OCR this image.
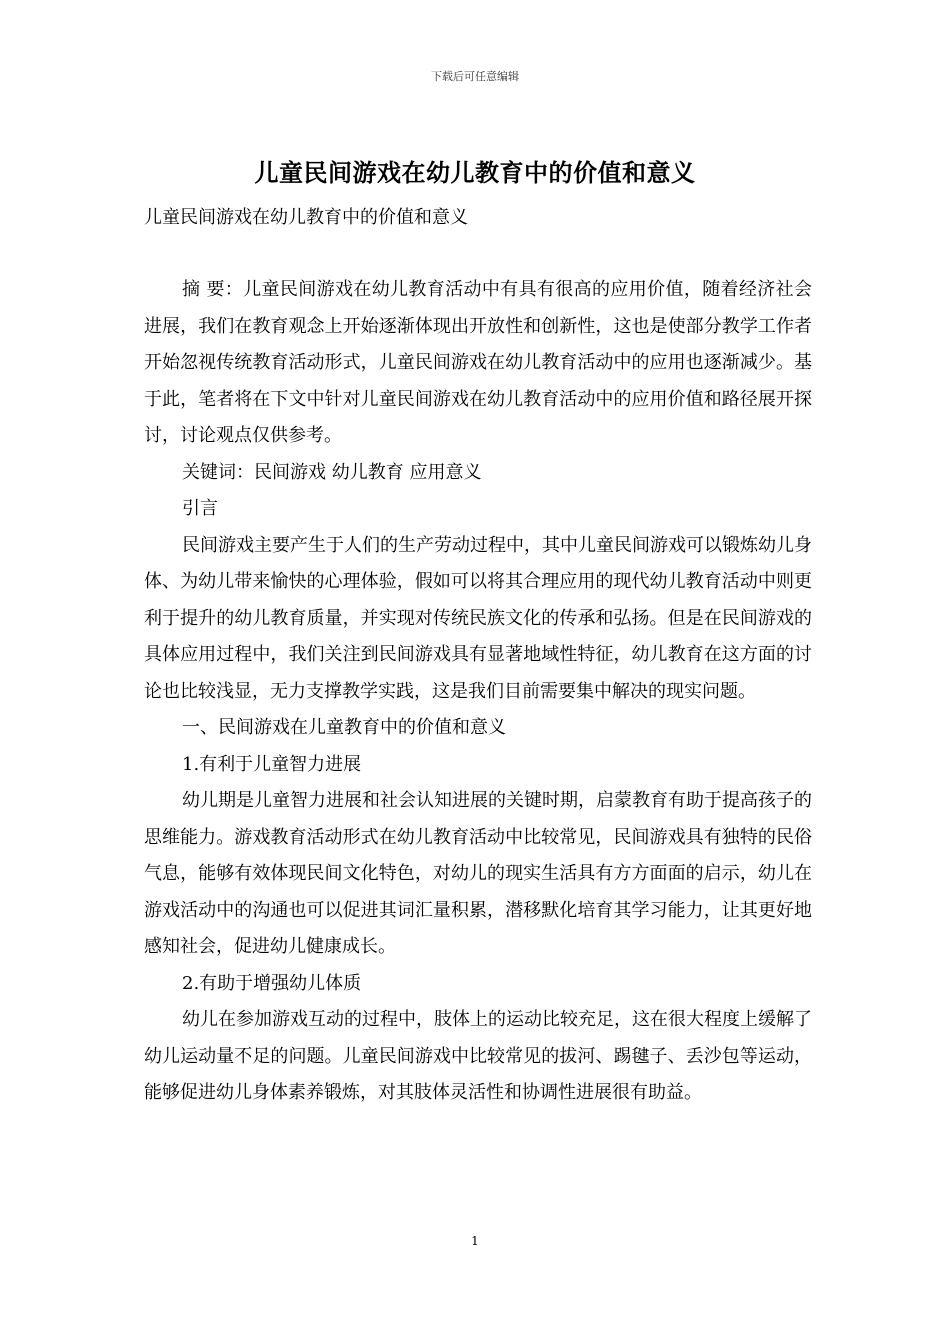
下载后可任意编辑
儿童民间游戏在幼儿教育中的价值和意义
儿童民间游戏在幼儿教育中的价值和意义

摘 要：儿童民间游戏在幼儿教育活动中有具有很高的应用价值，随着经济社会进展，我们在教育观念上开始逐渐体现出开放性和创新性，这也是使部分教学工作者开始忽视传统教育活动形式，儿童民间游戏在幼儿教育活动中的应用也逐渐减少。基于此，笔者将在下文中针对儿童民间游戏在幼儿教育活动中的应用价值和路径展开探讨，讨论观点仅供参考。

关键词：民间游戏 幼儿教育 应用意义

引言

民间游戏主要产生于人们的生产劳动过程中，其中儿童民间游戏可以锻炼幼儿身体、为幼儿带来愉快的心理体验，假如可以将其合理应用的现代幼儿教育活动中则更利于提升的幼儿教育质量，并实现对传统民族文化的传承和弘扬。但是在民间游戏的具体应用过程中，我们关注到民间游戏具有显著地域性特征，幼儿教育在这方面的讨论也比较浅显，无力支撑教学实践，这是我们目前需要集中解决的现实问题。

一、民间游戏在儿童教育中的价值和意义

1.有利于儿童智力进展

幼儿期是儿童智力进展和社会认知进展的关键时期，启蒙教育有助于提高孩子的思维能力。游戏教育活动形式在幼儿教育活动中比较常见，民间游戏具有独特的民俗气息，能够有效体现民间文化特色，对幼儿的现实生活具有方方面面的启示，幼儿在游戏活动中的沟通也可以促进其词汇量积累，潜移默化培育其学习能力，让其更好地感知社会，促进幼儿健康成长。

2.有助于增强幼儿体质

幼儿在参加游戏互动的过程中，肢体上的运动比较充足，这在很大程度上缓解了幼儿运动量不足的问题。儿童民间游戏中比较常见的拔河、踢毽子、丢沙包等运动，能够促进幼儿身体素养锻炼，对其肢体灵活性和协调性进展很有助益。

1
